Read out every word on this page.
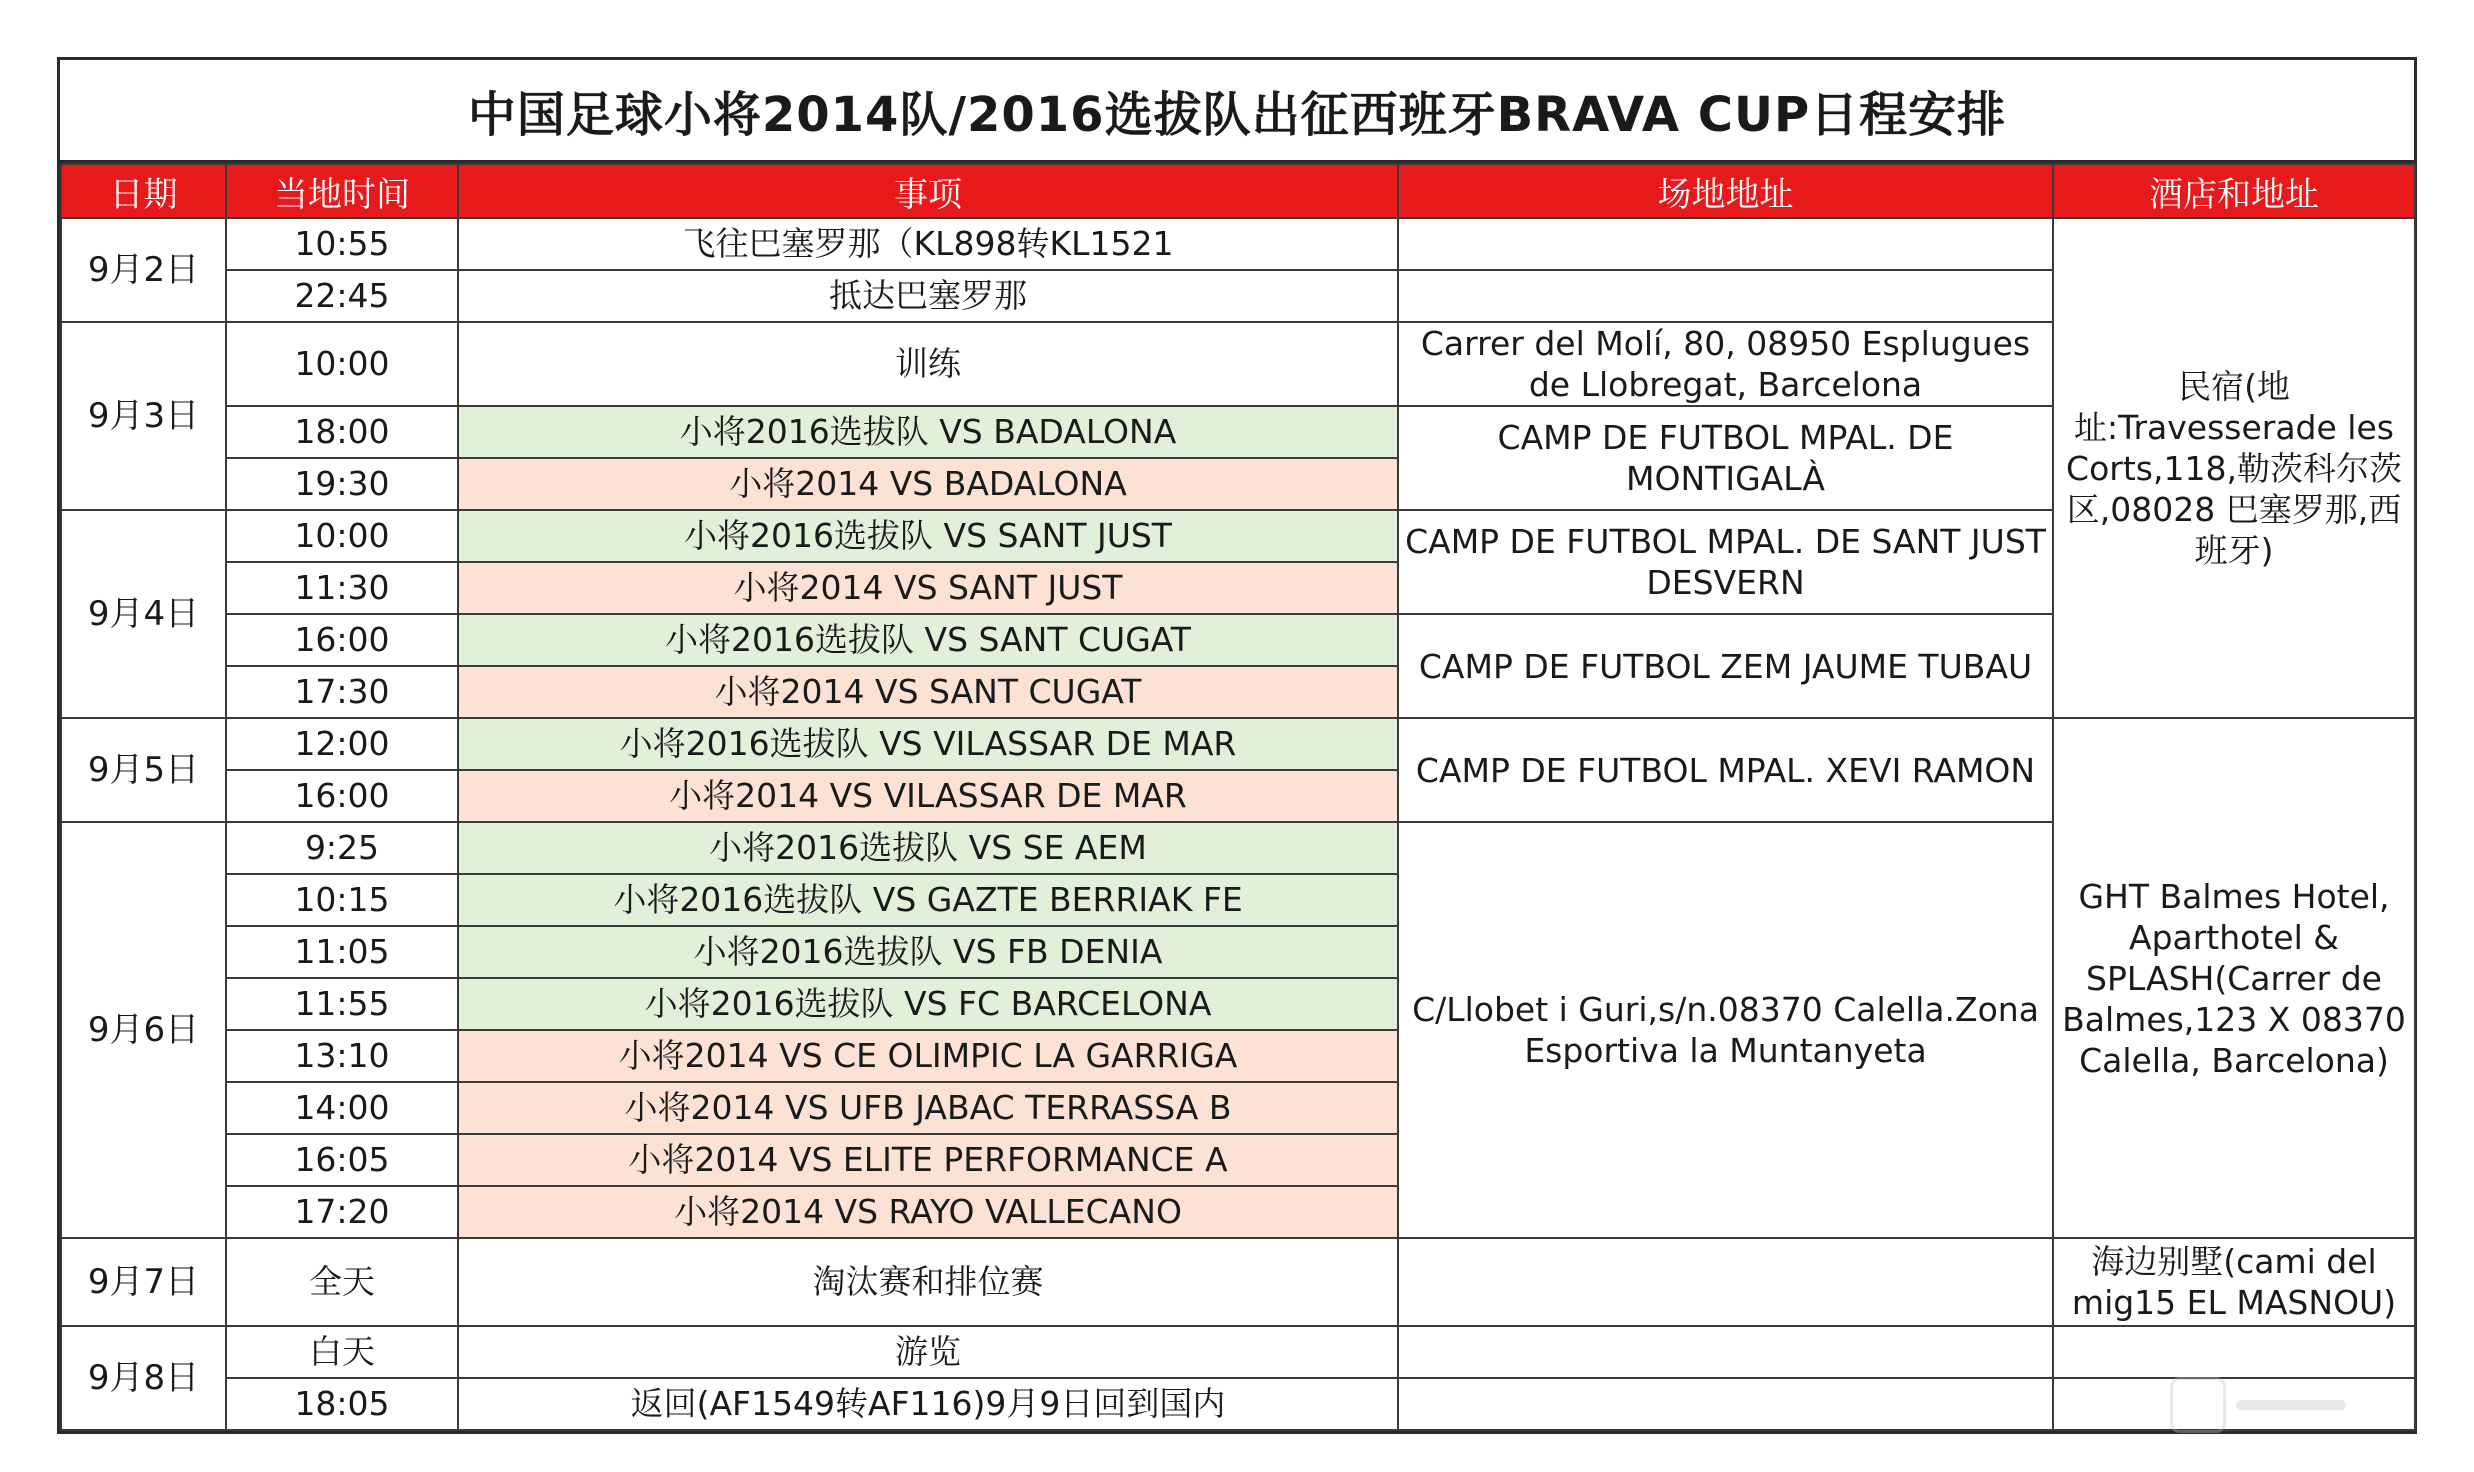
中国足球小将2014队/2016选拔队出征西班牙BRAVA CUP日程安排
日期	当地时间	事项	场地地址	酒店和地址
9月2日	10:55	飞往巴塞罗那（KL898转KL1521		民宿(地址:Travesserade les Corts,118,勒茨科尔茨区,08028 巴塞罗那,西班牙)
	22:45	抵达巴塞罗那		
9月3日	10:00	训练	Carrer del Molí, 80, 08950 Esplugues de Llobregat, Barcelona	
	18:00	小将2016选拔队 VS BADALONA	CAMP DE FUTBOL MPAL. DE MONTIGALÀ	
	19:30	小将2014 VS BADALONA		
9月4日	10:00	小将2016选拔队 VS SANT JUST	CAMP DE FUTBOL MPAL. DE SANT JUST DESVERN	
	11:30	小将2014 VS SANT JUST		
	16:00	小将2016选拔队 VS SANT CUGAT	CAMP DE FUTBOL ZEM JAUME TUBAU	
	17:30	小将2014 VS SANT CUGAT		
9月5日	12:00	小将2016选拔队 VS VILASSAR DE MAR	CAMP DE FUTBOL MPAL. XEVI RAMON	GHT Balmes Hotel, Aparthotel & SPLASH(Carrer de Balmes,123 X 08370 Calella, Barcelona)
	16:00	小将2014 VS VILASSAR DE MAR		
9月6日	9:25	小将2016选拔队 VS SE AEM	C/Llobet i Guri,s/n.08370 Calella.Zona Esportiva la Muntanyeta	
	10:15	小将2016选拔队 VS GAZTE BERRIAK FE		
	11:05	小将2016选拔队 VS FB DENIA		
	11:55	小将2016选拔队 VS FC BARCELONA		
	13:10	小将2014 VS CE OLIMPIC LA GARRIGA		
	14:00	小将2014 VS UFB JABAC TERRASSA B		
	16:05	小将2014 VS ELITE PERFORMANCE A		
	17:20	小将2014 VS RAYO VALLECANO		
9月7日	全天	淘汰赛和排位赛		海边别墅(cami del mig15 EL MASNOU)
9月8日	白天	游览		
	18:05	返回(AF1549转AF116)9月9日回到国内		
